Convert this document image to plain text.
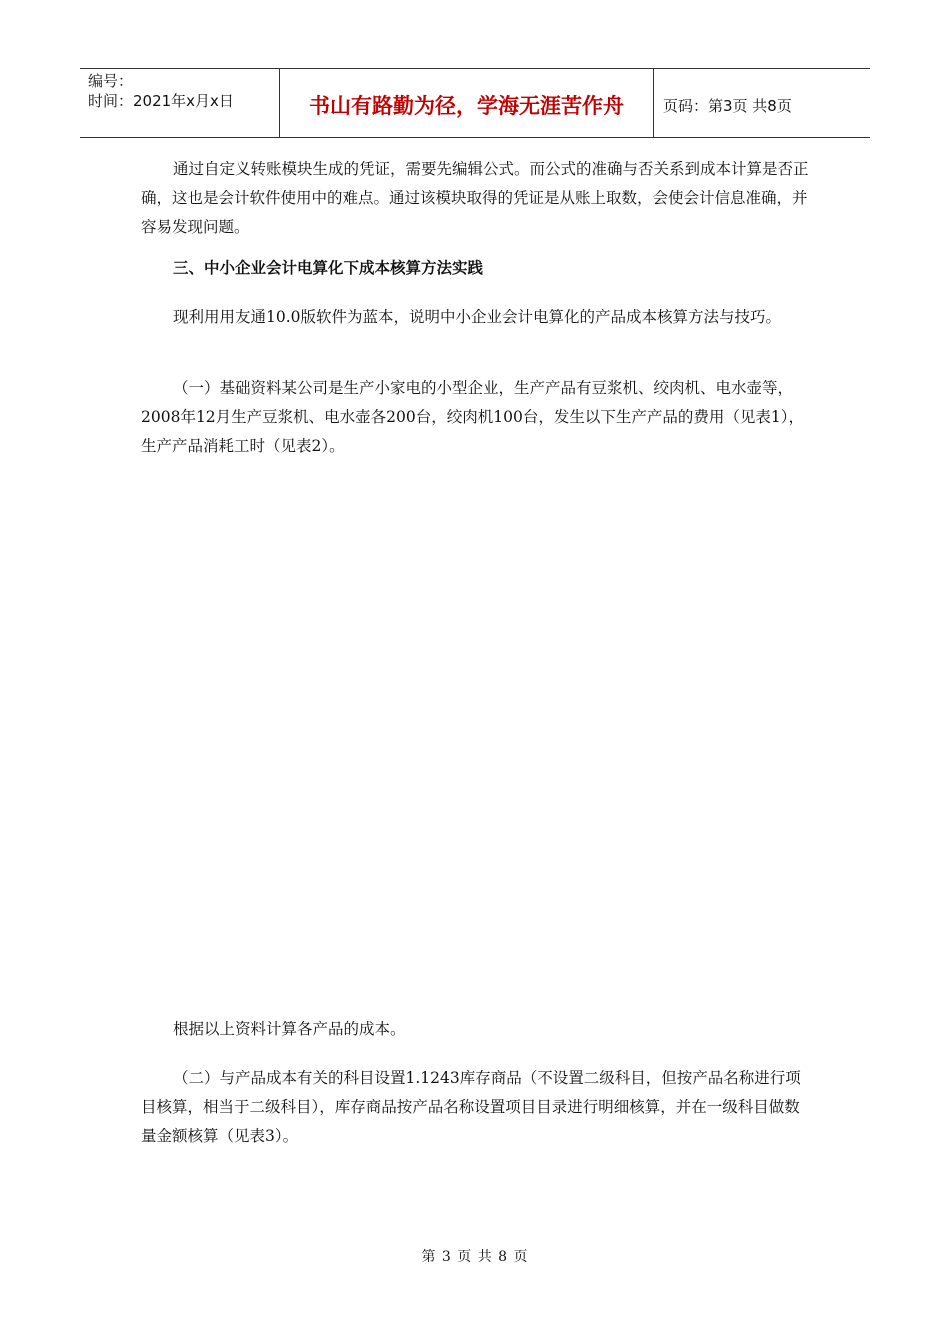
编号：
时间：2021年x月x日	书山有路勤为径，学海无涯苦作舟	页码：第3页 共8页

通过自定义转账模块生成的凭证，需要先编辑公式。而公式的准确与否关系到成本计算是否正确，这也是会计软件使用中的难点。通过该模块取得的凭证是从账上取数，会使会计信息准确，并容易发现问题。

三、中小企业会计电算化下成本核算方法实践

现利用用友通10.0版软件为蓝本，说明中小企业会计电算化的产品成本核算方法与技巧。

（一）基础资料某公司是生产小家电的小型企业，生产产品有豆浆机、绞肉机、电水壶等，2008年12月生产豆浆机、电水壶各200台，绞肉机100台，发生以下生产产品的费用（见表1），生产产品消耗工时（见表2）。

根据以上资料计算各产品的成本。

（二）与产品成本有关的科目设置1.1243库存商品（不设置二级科目，但按产品名称进行项目核算，相当于二级科目），库存商品按产品名称设置项目目录进行明细核算，并在一级科目做数量金额核算（见表3）。

第 3 页 共 8 页
